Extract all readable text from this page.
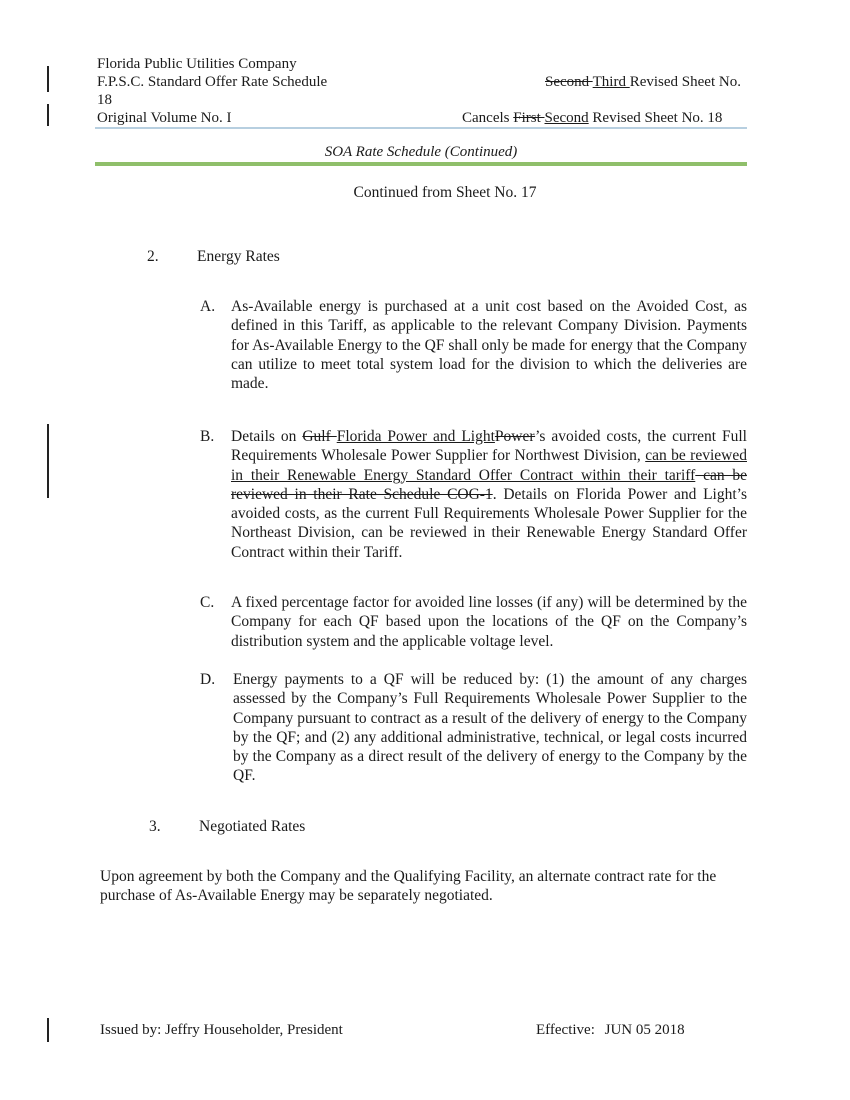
Florida Public Utilities Company
F.P.S.C. Standard Offer Rate Schedule
18
Original Volume No. I
Second Third Revised Sheet No.
Cancels First Second Revised Sheet No. 18
SOA Rate Schedule (Continued)
Continued from Sheet No. 17
2. Energy Rates
A. As-Available energy is purchased at a unit cost based on the Avoided Cost, as defined in this Tariff, as applicable to the relevant Company Division. Payments for As-Available Energy to the QF shall only be made for energy that the Company can utilize to meet total system load for the division to which the deliveries are made.
B. Details on Gulf Florida Power and LightPower’s avoided costs, the current Full Requirements Wholesale Power Supplier for Northwest Division, can be reviewed in their Renewable Energy Standard Offer Contract within their tariff can be reviewed in their Rate Schedule COG-1. Details on Florida Power and Light’s avoided costs, as the current Full Requirements Wholesale Power Supplier for the Northeast Division, can be reviewed in their Renewable Energy Standard Offer Contract within their Tariff.
C. A fixed percentage factor for avoided line losses (if any) will be determined by the Company for each QF based upon the locations of the QF on the Company’s distribution system and the applicable voltage level.
D. Energy payments to a QF will be reduced by: (1) the amount of any charges assessed by the Company’s Full Requirements Wholesale Power Supplier to the Company pursuant to contract as a result of the delivery of energy to the Company by the QF; and (2) any additional administrative, technical, or legal costs incurred by the Company as a direct result of the delivery of energy to the Company by the QF.
3. Negotiated Rates
Upon agreement by both the Company and the Qualifying Facility, an alternate contract rate for the purchase of As-Available Energy may be separately negotiated.
Issued by: Jeffry Householder, President	Effective: JUN 05 2018
